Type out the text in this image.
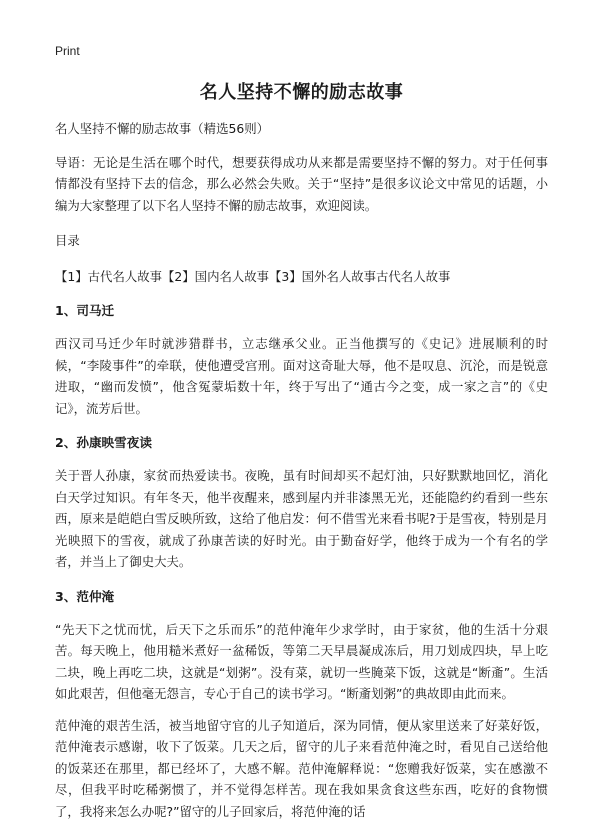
Print

名人坚持不懈的励志故事

名人坚持不懈的励志故事（精选56则）

导语：无论是生活在哪个时代，想要获得成功从来都是需要坚持不懈的努力。对于任何事情都没有坚持下去的信念，那么必然会失败。关于“坚持”是很多议论文中常见的话题，小编为大家整理了以下名人坚持不懈的励志故事，欢迎阅读。

目录

【1】古代名人故事【2】国内名人故事【3】国外名人故事古代名人故事

1、司马迁

西汉司马迁少年时就涉猎群书，立志继承父业。正当他撰写的《史记》进展顺利的时候，“李陵事件”的牵联，使他遭受宫刑。面对这奇耻大辱，他不是叹息、沉沦，而是锐意进取，“幽而发愤”，他含冤蒙垢数十年，终于写出了“通古今之变，成一家之言”的《史记》，流芳后世。

2、孙康映雪夜读

关于晋人孙康，家贫而热爱读书。夜晚，虽有时间却买不起灯油，只好默默地回忆，消化白天学过知识。有年冬天，他半夜醒来，感到屋内并非漆黑无光，还能隐约约看到一些东西，原来是皑皑白雪反映所致，这给了他启发：何不借雪光来看书呢?于是雪夜，特别是月光映照下的雪夜，就成了孙康苦读的好时光。由于勤奋好学，他终于成为一个有名的学者，并当上了御史大夫。

3、范仲淹

“先天下之忧而忧，后天下之乐而乐”的范仲淹年少求学时，由于家贫，他的生活十分艰苦。每天晚上，他用糙米煮好一盆稀饭，等第二天早晨凝成冻后，用刀划成四块，早上吃二块，晚上再吃二块，这就是“划粥”。没有菜，就切一些腌菜下饭，这就是“断齑”。生活如此艰苦，但他毫无怨言，专心于自己的读书学习。“断齑划粥”的典故即由此而来。

范仲淹的艰苦生活，被当地留守官的儿子知道后，深为同情，便从家里送来了好菜好饭，范仲淹表示感谢，收下了饭菜。几天之后，留守的儿子来看范仲淹之时，看见自己送给他的饭菜还在那里，都已经坏了，大感不解。范仲淹解释说：“您赠我好饭菜，实在感激不尽，但我平时吃稀粥惯了，并不觉得怎样苦。现在我如果贪食这些东西，吃好的食物惯了，我将来怎么办呢?”留守的儿子回家后，将范仲淹的话
